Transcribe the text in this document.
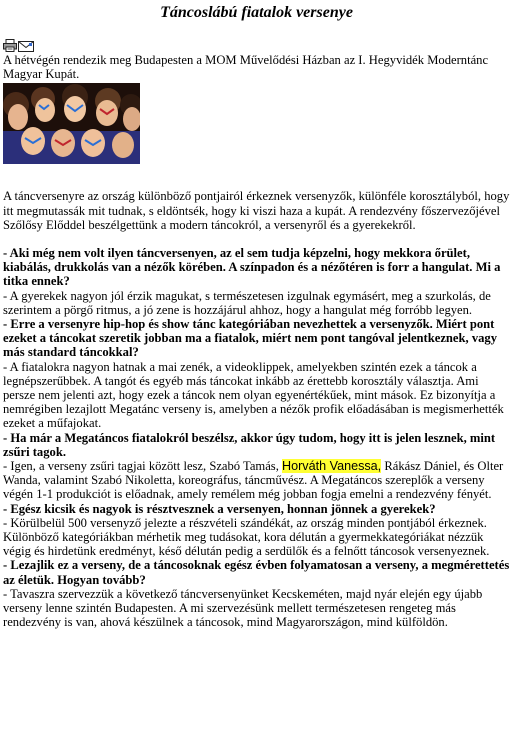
Táncoslábú fiatalok versenye

A hétvégén rendezik meg Budapesten a MOM Művelődési Házban az I. Hegyvidék Moderntánc Magyar Kupát.

A táncversenyre az ország különböző pontjairól érkeznek versenyzők, különféle korosztályból, hogy itt megmutassák mit tudnak, s eldöntsék, hogy ki viszi haza a kupát. A rendezvény főszervezőjével Szőlősy Előddel beszélgettünk a modern táncokról, a versenyről és a gyerekekről.

- Aki még nem volt ilyen táncversenyen, az el sem tudja képzelni, hogy mekkora őrület, kiabálás, drukkolás van a nézők körében. A színpadon és a nézőtéren is forr a hangulat. Mi a titka ennek?

- A gyerekek nagyon jól érzik magukat, s természetesen izgulnak egymásért, meg a szurkolás, de szerintem a pörgő ritmus, a jó zene is hozzájárul ahhoz, hogy a hangulat még forróbb legyen.

- Erre a versenyre hip-hop és show tánc kategóriában nevezhettek a versenyzők. Miért pont ezeket a táncokat szeretik jobban ma a fiatalok, miért nem pont tangóval jelentkeznek, vagy más standard táncokkal?

- A fiatalokra nagyon hatnak a mai zenék, a videoklippek, amelyekben szintén ezek a táncok a legnépszerűbbek. A tangót és egyéb más táncokat inkább az érettebb korosztály választja. Ami persze nem jelenti azt, hogy ezek a táncok nem olyan egyenértékűek, mint mások. Ez bizonyítja a nemrégiben lezajlott Megatánc verseny is, amelyben a nézők profik előadásában is megismerhették ezeket a műfajokat.

- Ha már a Megatáncos fiatalokról beszélsz, akkor úgy tudom, hogy itt is jelen lesznek, mint zsűri tagok.

- Igen, a verseny zsűri tagjai között lesz, Szabó Tamás, Horváth Vanessa, Rákász Dániel, és Olter Wanda, valamint Szabó Nikoletta, koreográfus, táncművész. A Megatáncos szereplők a verseny végén 1-1 produkciót is előadnak, amely remélem még jobban fogja emelni a rendezvény fényét.

- Egész kicsik és nagyok is résztvesznek a versenyen, honnan jönnek a gyerekek?

- Körülbelül 500 versenyző jelezte a részvételi szándékát, az ország minden pontjából érkeznek. Különböző kategóriákban mérhetik meg tudásokat, kora délután a gyermekkategóriákat nézzük végig és hirdetünk eredményt, késő délután pedig a serdülők és a felnőtt táncosok versenyeznek.

- Lezajlik ez a verseny, de a táncosoknak egész évben folyamatosan a verseny, a megmérettetés az életük. Hogyan tovább?

- Tavaszra szervezzük a következő táncversenyünket Kecskeméten, majd nyár elején egy újabb verseny lenne szintén Budapesten. A mi szervezésünk mellett természetesen rengeteg más rendezvény is van, ahová készülnek a táncosok, mind Magyarországon, mind külföldön.
